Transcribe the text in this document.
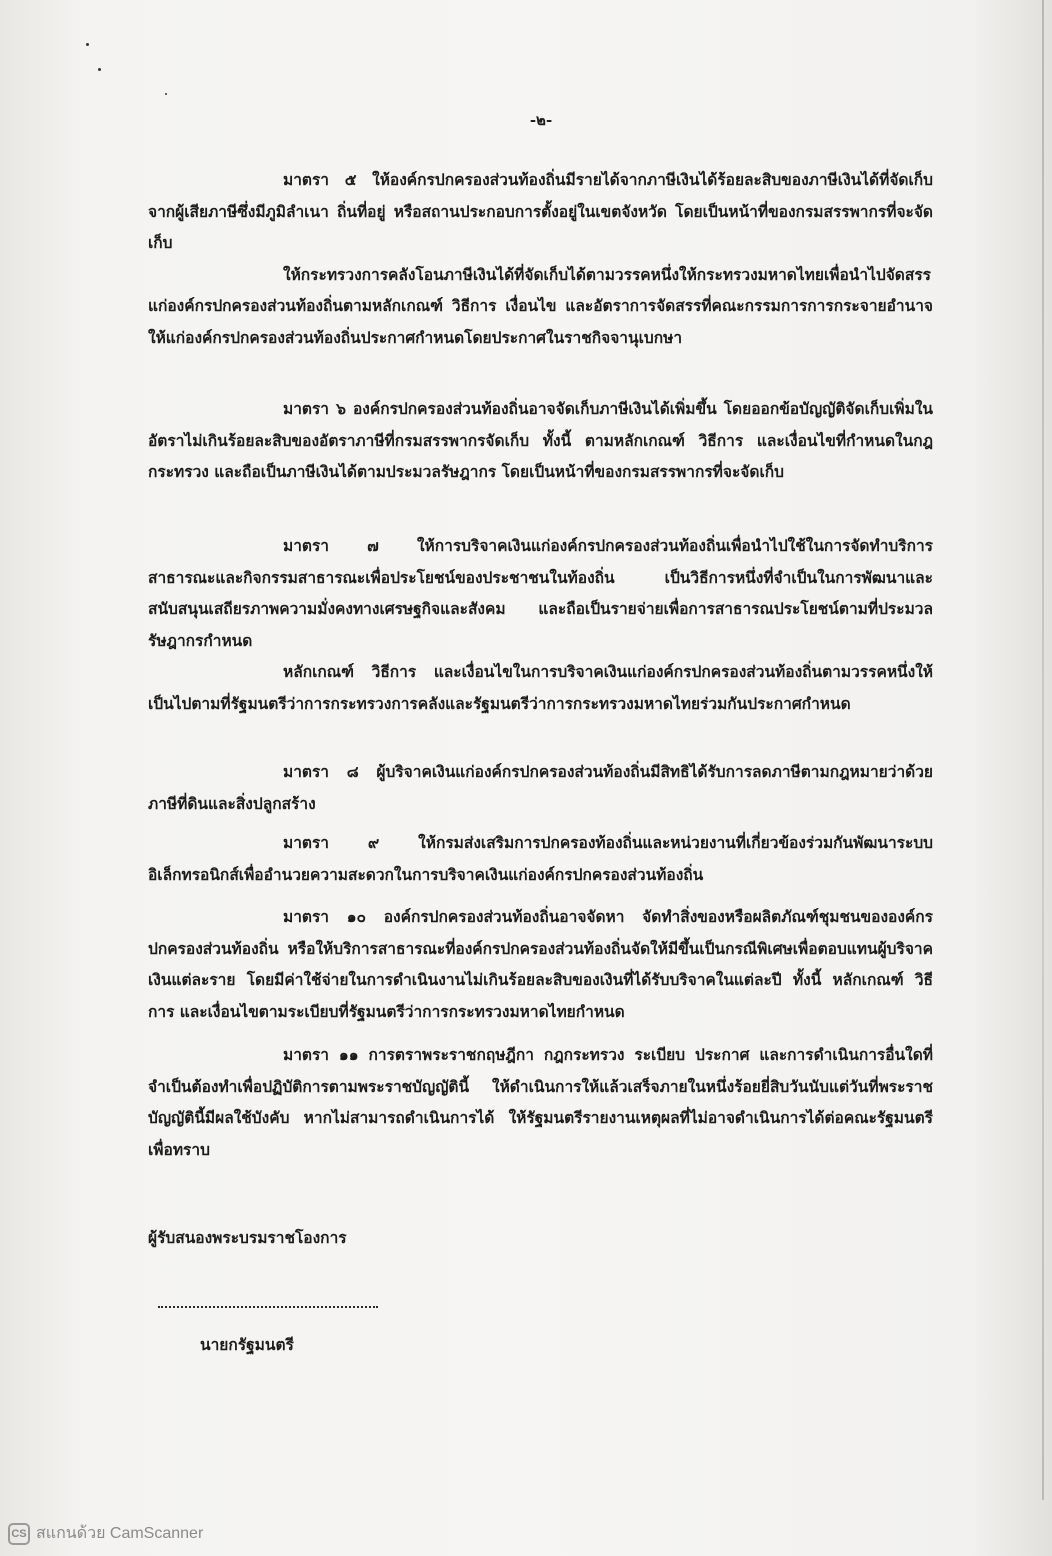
-๒-

มาตรา ๕ ให้องค์กรปกครองส่วนท้องถิ่นมีรายได้จากภาษีเงินได้ร้อยละสิบของภาษีเงินได้ที่จัดเก็บจากผู้เสียภาษีซึ่งมีภูมิลำเนา ถิ่นที่อยู่ หรือสถานประกอบการตั้งอยู่ในเขตจังหวัด โดยเป็นหน้าที่ของกรมสรรพากรที่จะจัดเก็บ

ให้กระทรวงการคลังโอนภาษีเงินได้ที่จัดเก็บได้ตามวรรคหนึ่งให้กระทรวงมหาดไทยเพื่อนำไปจัดสรรแก่องค์กรปกครองส่วนท้องถิ่นตามหลักเกณฑ์ วิธีการ เงื่อนไข และอัตราการจัดสรรที่คณะกรรมการการกระจายอำนาจให้แก่องค์กรปกครองส่วนท้องถิ่นประกาศกำหนดโดยประกาศในราชกิจจานุเบกษา

มาตรา ๖ องค์กรปกครองส่วนท้องถิ่นอาจจัดเก็บภาษีเงินได้เพิ่มขึ้น โดยออกข้อบัญญัติจัดเก็บเพิ่มในอัตราไม่เกินร้อยละสิบของอัตราภาษีที่กรมสรรพากรจัดเก็บ ทั้งนี้ ตามหลักเกณฑ์ วิธีการ และเงื่อนไขที่กำหนดในกฎกระทรวง และถือเป็นภาษีเงินได้ตามประมวลรัษฎากร โดยเป็นหน้าที่ของกรมสรรพากรที่จะจัดเก็บ

มาตรา ๗ ให้การบริจาคเงินแก่องค์กรปกครองส่วนท้องถิ่นเพื่อนำไปใช้ในการจัดทำบริการสาธารณะและกิจกรรมสาธารณะเพื่อประโยชน์ของประชาชนในท้องถิ่น เป็นวิธีการหนึ่งที่จำเป็นในการพัฒนาและสนับสนุนเสถียรภาพความมั่งคงทางเศรษฐกิจและสังคม และถือเป็นรายจ่ายเพื่อการสาธารณประโยชน์ตามที่ประมวลรัษฎากรกำหนด

หลักเกณฑ์ วิธีการ และเงื่อนไขในการบริจาคเงินแก่องค์กรปกครองส่วนท้องถิ่นตามวรรคหนึ่งให้เป็นไปตามที่รัฐมนตรีว่าการกระทรวงการคลังและรัฐมนตรีว่าการกระทรวงมหาดไทยร่วมกันประกาศกำหนด

มาตรา ๘ ผู้บริจาคเงินแก่องค์กรปกครองส่วนท้องถิ่นมีสิทธิได้รับการลดภาษีตามกฎหมายว่าด้วยภาษีที่ดินและสิ่งปลูกสร้าง

มาตรา ๙ ให้กรมส่งเสริมการปกครองท้องถิ่นและหน่วยงานที่เกี่ยวข้องร่วมกันพัฒนาระบบอิเล็กทรอนิกส์เพื่ออำนวยความสะดวกในการบริจาคเงินแก่องค์กรปกครองส่วนท้องถิ่น

มาตรา ๑๐ องค์กรปกครองส่วนท้องถิ่นอาจจัดหา จัดทำสิ่งของหรือผลิตภัณฑ์ชุมชนขององค์กรปกครองส่วนท้องถิ่น หรือให้บริการสาธารณะที่องค์กรปกครองส่วนท้องถิ่นจัดให้มีขึ้นเป็นกรณีพิเศษเพื่อตอบแทนผู้บริจาคเงินแต่ละราย โดยมีค่าใช้จ่ายในการดำเนินงานไม่เกินร้อยละสิบของเงินที่ได้รับบริจาคในแต่ละปี ทั้งนี้ หลักเกณฑ์ วิธีการ และเงื่อนไขตามระเบียบที่รัฐมนตรีว่าการกระทรวงมหาดไทยกำหนด

มาตรา ๑๑ การตราพระราชกฤษฎีกา กฎกระทรวง ระเบียบ ประกาศ และการดำเนินการอื่นใดที่จำเป็นต้องทำเพื่อปฏิบัติการตามพระราชบัญญัตินี้ ให้ดำเนินการให้แล้วเสร็จภายในหนึ่งร้อยยี่สิบวันนับแต่วันที่พระราชบัญญัตินี้มีผลใช้บังคับ หากไม่สามารถดำเนินการได้ ให้รัฐมนตรีรายงานเหตุผลที่ไม่อาจดำเนินการได้ต่อคณะรัฐมนตรีเพื่อทราบ

ผู้รับสนองพระบรมราชโองการ
นายกรัฐมนตรี
CS สแกนด้วย CamScanner
